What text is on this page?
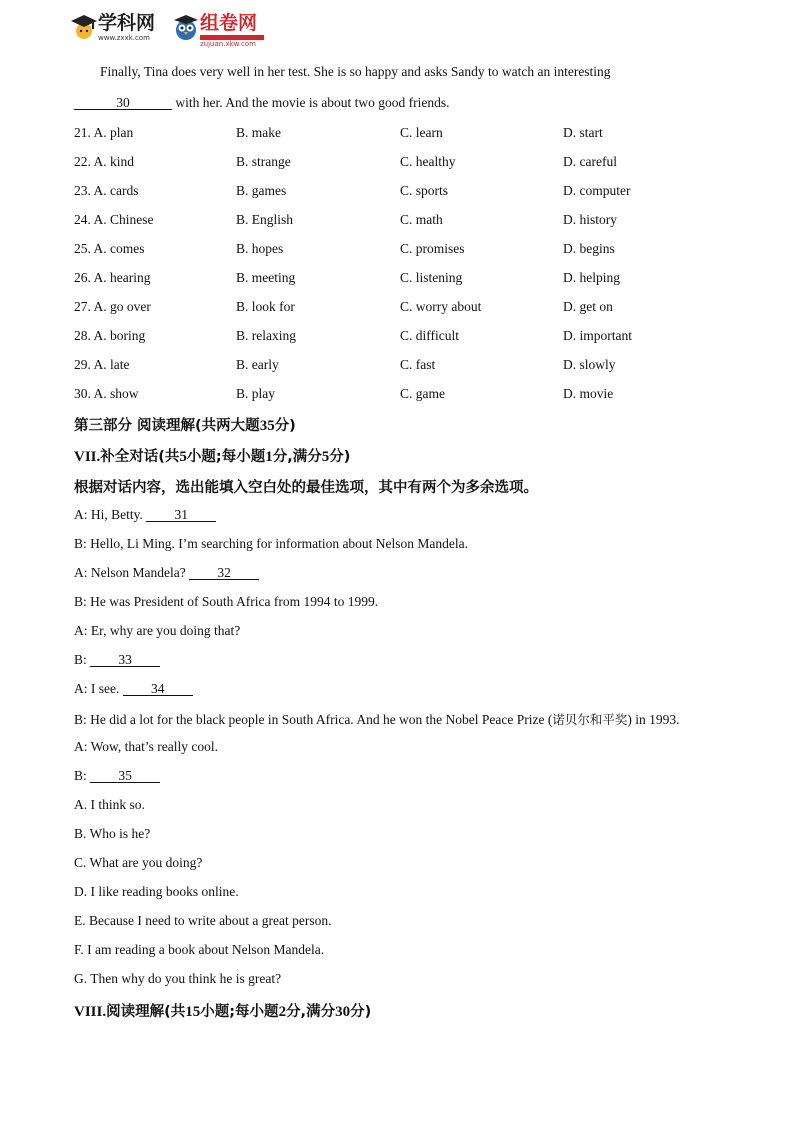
学科网
www.zxxk.com
组卷网
zujuan.xkw.com
Finally, Tina does very well in her test. She is so happy and asks Sandy to watch an interesting
30	with her. And the movie is about two good friends.
21. A. plan	B. make	C. learn	D. start
22. A. kind	B. strange	C. healthy	D. careful
23. A. cards	B. games	C. sports	D. computer
24. A. Chinese	B. English	C. math	D. history
25. A. comes	B. hopes	C. promises	D. begins
26. A. hearing	B. meeting	C. listening	D. helping
27. A. go over	B. look for	C. worry about	D. get on
28. A. boring	B. relaxing	C. difficult	D. important
29. A. late	B. early	C. fast	D. slowly
30. A. show	B. play	C. game	D. movie
第三部分 阅读理解(共两大题35分)
VII.补全对话(共5小题;每小题1分,满分5分)
根据对话内容，选出能填入空白处的最佳选项，其中有两个为多余选项。
A: Hi, Betty. 31
B: Hello, Li Ming. I’m searching for information about Nelson Mandela.
A: Nelson Mandela? 32
B: He was President of South Africa from 1994 to 1999.
A: Er, why are you doing that?
B: 33
A: I see. 34
B: He did a lot for the black people in South Africa. And he won the Nobel Peace Prize (诺贝尔和平奖) in 1993.
A: Wow, that’s really cool.
B: 35
A. I think so.
B. Who is he?
C. What are you doing?
D. I like reading books online.
E. Because I need to write about a great person.
F. I am reading a book about Nelson Mandela.
G. Then why do you think he is great?
VIII.阅读理解(共15小题;每小题2分,满分30分)
